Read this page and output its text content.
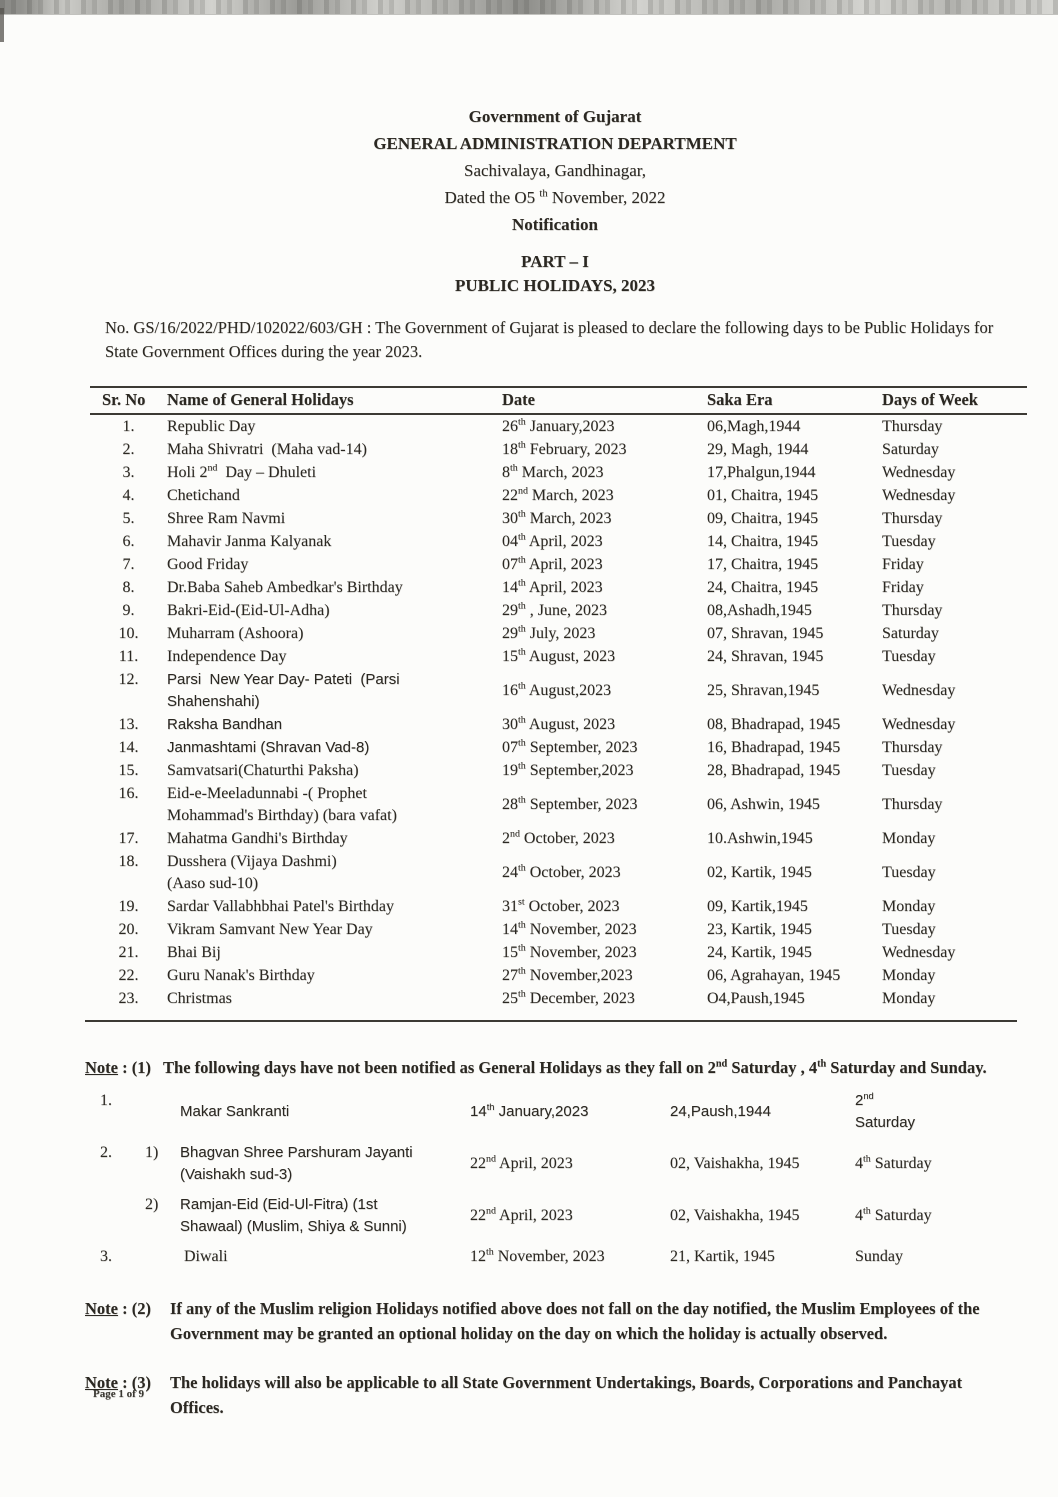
Government of Gujarat
GENERAL ADMINISTRATION DEPARTMENT
Sachivalaya, Gandhinagar,
Dated the O5 $^{th}$ November, 2022
Notification
PART – I
PUBLIC HOLIDAYS, 2023
No. GS/16/2022/PHD/102022/603/GH : The Government of Gujarat is pleased to declare the following days to be Public Holidays for State Government Offices during the year 2023.
Sr. No	Name of General Holidays	Date	Saka Era	Days of Week
1.	Republic Day	26th January,2023	06,Magh,1944	Thursday
2.	Maha Shivratri  (Maha vad-14)	18th February, 2023	29, Magh, 1944	Saturday
3.	Holi 2nd  Day – Dhuleti	8th March, 2023	17,Phalgun,1944	Wednesday
4.	Chetichand	22nd March, 2023	01, Chaitra, 1945	Wednesday
5.	Shree Ram Navmi	30th March, 2023	09, Chaitra, 1945	Thursday
6.	Mahavir Janma Kalyanak	04th April, 2023	14, Chaitra, 1945	Tuesday
7.	Good Friday	07th April, 2023	17, Chaitra, 1945	Friday
8.	Dr.Baba Saheb Ambedkar's Birthday	14th April, 2023	24, Chaitra, 1945	Friday
9.	Bakri-Eid-(Eid-Ul-Adha)	29th , June, 2023	08,Ashadh,1945	Thursday
10.	Muharram (Ashoora)	29th July, 2023	07, Shravan, 1945	Saturday
11.	Independence Day	15th August, 2023	24, Shravan, 1945	Tuesday
12.	Parsi  New Year Day- Pateti  (Parsi
Shahenshahi)	16th August,2023	25, Shravan,1945	Wednesday
13.	Raksha Bandhan	30th August, 2023	08, Bhadrapad, 1945	Wednesday
14.	Janmashtami (Shravan Vad-8)	07th September, 2023	16, Bhadrapad, 1945	Thursday
15.	Samvatsari(Chaturthi Paksha)	19th September,2023	28, Bhadrapad, 1945	Tuesday
16.	Eid-e-Meeladunnabi -( Prophet
Mohammad's Birthday) (bara vafat)	28th September, 2023	06, Ashwin, 1945	Thursday
17.	Mahatma Gandhi's Birthday	2nd October, 2023	10.Ashwin,1945	Monday
18.	Dusshera (Vijaya Dashmi)
(Aaso sud-10)	24th October, 2023	02, Kartik, 1945	Tuesday
19.	Sardar Vallabhbhai Patel's Birthday	31st October, 2023	09, Kartik,1945	Monday
20.	Vikram Samvant New Year Day	14th November, 2023	23, Kartik, 1945	Tuesday
21.	Bhai Bij	15th November, 2023	24, Kartik, 1945	Wednesday
22.	Guru Nanak's Birthday	27th November,2023	06, Agrahayan, 1945	Monday
23.	Christmas	25th December, 2023	O4,Paush,1945	Monday
Note : (1) The following days have not been notified as General Holidays as they fall on 2nd Saturday , 4th Saturday and Sunday.
1.		Makar Sankranti	14th January,2023	24,Paush,1944	2nd
Saturday
2.	1)	Bhagvan Shree Parshuram Jayanti
(Vaishakh sud-3)	22nd April, 2023	02, Vaishakha, 1945	4th Saturday
	2)	Ramjan-Eid (Eid-Ul-Fitra) (1st
Shawaal) (Muslim, Shiya & Sunni)	22nd April, 2023	02, Vaishakha, 1945	4th Saturday
3.		Diwali	12th November, 2023	21, Kartik, 1945	Sunday
Note : (2)	If any of the Muslim religion Holidays notified above does not fall on the day notified, the Muslim Employees of the Government may be granted an optional holiday on the day on which the holiday is actually observed.
Note : (3)	The holidays will also be applicable to all State Government Undertakings, Boards, Corporations and Panchayat Offices.
Page 1 of 9
